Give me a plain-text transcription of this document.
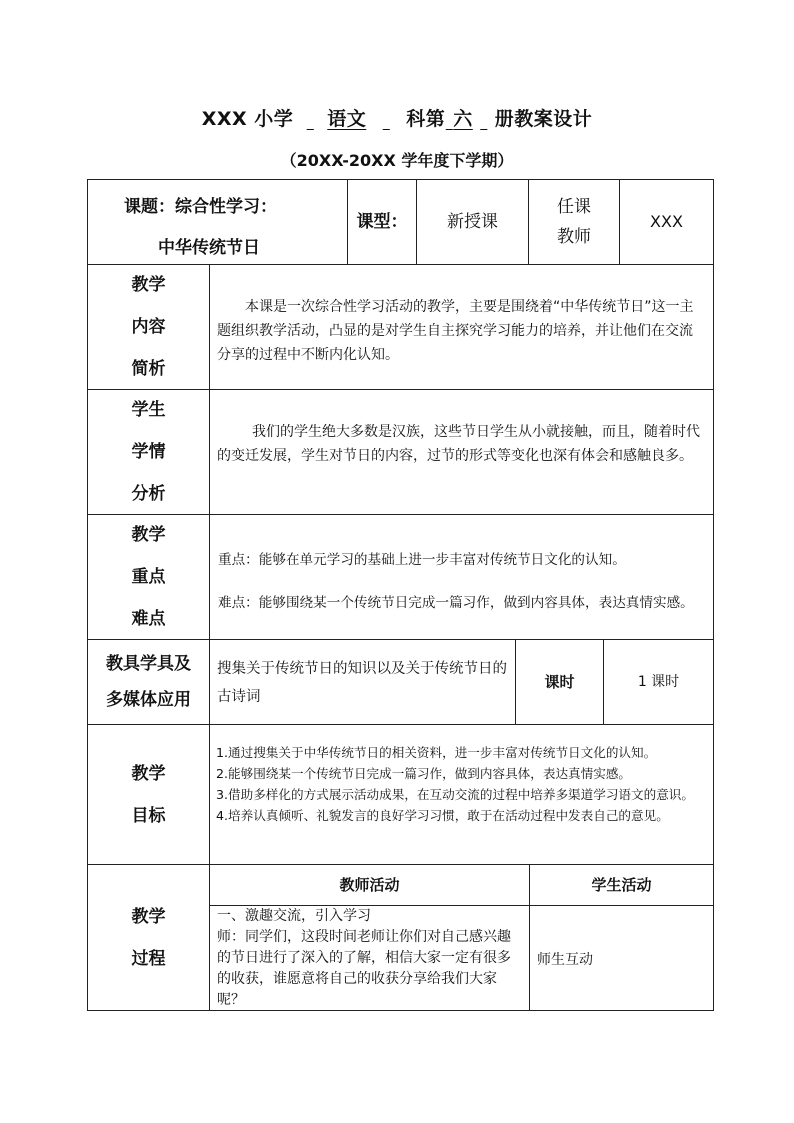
XXX 小学 语文 科第 六 册教案设计
（20XX-20XX 学年度下学期）
课题：综合性学习：
中华传统节日
课型： 新授课
任课
教师
XXX
教学
内容
简析
本课是一次综合性学习活动的教学，主要是围绕着“中华传统节日”这一主题组织教学活动，凸显的是对学生自主探究学习能力的培养，并让他们在交流分享的过程中不断内化认知。
学生
学情
分析
我们的学生绝大多数是汉族，这些节日学生从小就接触，而且，随着时代的变迁发展，学生对节日的内容，过节的形式等变化也深有体会和感触良多。
教学
重点
难点
重点：能够在单元学习的基础上进一步丰富对传统节日文化的认知。
难点：能够围绕某一个传统节日完成一篇习作，做到内容具体，表达真情实感。
教具学具及
多媒体应用
搜集关于传统节日的知识以及关于传统节日的古诗词
课时	1 课时
教学
目标
1.通过搜集关于中华传统节日的相关资料，进一步丰富对传统节日文化的认知。
2.能够围绕某一个传统节日完成一篇习作，做到内容具体，表达真情实感。
3.借助多样化的方式展示活动成果，在互动交流的过程中培养多渠道学习语文的意识。
4.培养认真倾听、礼貌发言的良好学习习惯，敢于在活动过程中发表自己的意见。
教学
过程
教师活动	学生活动
一、激趣交流，引入学习
师：同学们，这段时间老师让你们对自己感兴趣的节日进行了深入的了解，相信大家一定有很多的收获，谁愿意将自己的收获分享给我们大家呢？
师生互动
